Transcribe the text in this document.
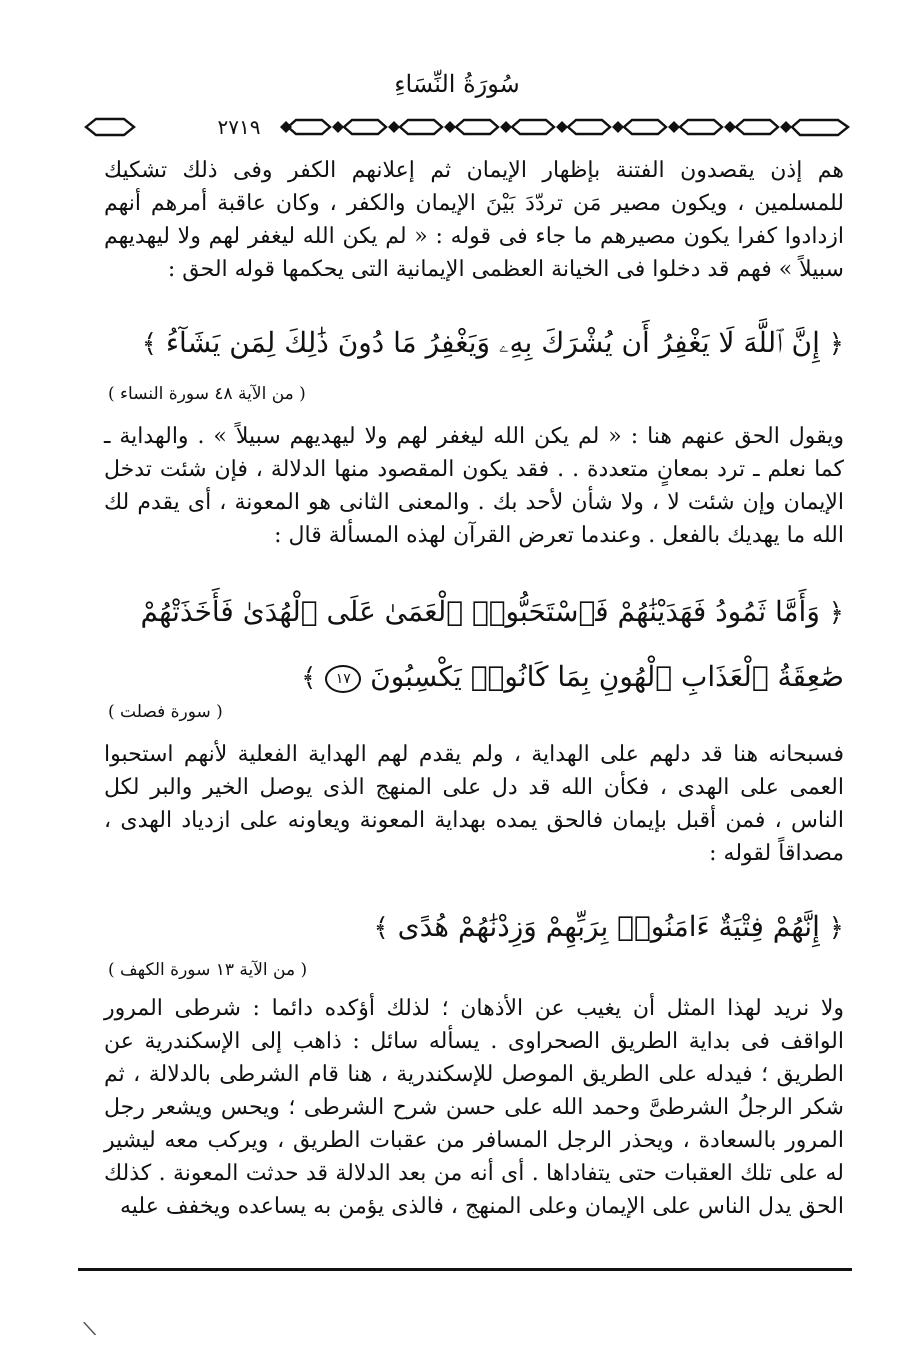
سُورَةُ النِّسَاءِ
٢٧١٩
هم إذن يقصدون الفتنة بإظهار الإيمان ثم إعلانهم الكفر وفى ذلك تشكيك للمسلمين ، ويكون مصير مَن تردّدَ بَيْنَ الإيمان والكفر ، وكان عاقبة أمرهم أنهم ازدادوا كفرا يكون مصيرهم ما جاء فى قوله : « لم يكن الله ليغفر لهم ولا ليهديهم سبيلاً » فهم قد دخلوا فى الخيانة العظمى الإيمانية التى يحكمها قوله الحق :
﴿ إِنَّ ٱللَّهَ لَا يَغْفِرُ أَن يُشْرَكَ بِهِۦ وَيَغْفِرُ مَا دُونَ ذَٰلِكَ لِمَن يَشَآءُ ﴾
( من الآية ٤٨ سورة النساء )
ويقول الحق عنهم هنا : « لم يكن الله ليغفر لهم ولا ليهديهم سبيلاً » . والهداية ـ كما نعلم ـ ترد بمعانٍ متعددة . . فقد يكون المقصود منها الدلالة ، فإن شئت تدخل الإيمان وإن شئت لا ، ولا شأن لأحد بك . والمعنى الثانى هو المعونة ، أى يقدم لك الله ما يهديك بالفعل . وعندما تعرض القرآن لهذه المسألة قال :
﴿ وَأَمَّا ثَمُودُ فَهَدَيْنَٰهُمْ فَٱسْتَحَبُّوا۟ ٱلْعَمَىٰ عَلَى ٱلْهُدَىٰ فَأَخَذَتْهُمْ صَٰعِقَةُ ٱلْعَذَابِ ٱلْهُونِ بِمَا كَانُوا۟ يَكْسِبُونَ ١٧ ﴾
( سورة فصلت )
فسبحانه هنا قد دلهم على الهداية ، ولم يقدم لهم الهداية الفعلية لأنهم استحبوا العمى على الهدى ، فكأن الله قد دل على المنهج الذى يوصل الخير والبر لكل الناس ، فمن أقبل بإيمان فالحق يمده بهداية المعونة ويعاونه على ازدياد الهدى ، مصداقاً لقوله :
﴿ إِنَّهُمْ فِتْيَةٌ ءَامَنُوا۟ بِرَبِّهِمْ وَزِدْنَٰهُمْ هُدًى ﴾
( من الآية ١٣ سورة الكهف )
ولا نريد لهذا المثل أن يغيب عن الأذهان ؛ لذلك أؤكده دائما : شرطى المرور الواقف فى بداية الطريق الصحراوى . يسأله سائل : ذاهب إلى الإسكندرية عن الطريق ؛ فيدله على الطريق الموصل للإسكندرية ، هنا قام الشرطى بالدلالة ، ثم شكر الرجلُ الشرطىَّ وحمد الله على حسن شرح الشرطى ؛ ويحس ويشعر رجل المرور بالسعادة ، ويحذر الرجل المسافر من عقبات الطريق ، ويركب معه ليشير له على تلك العقبات حتى يتفاداها . أى أنه من بعد الدلالة قد حدثت المعونة . كذلك الحق يدل الناس على الإيمان وعلى المنهج ، فالذى يؤمن به يساعده ويخفف عليه
\
